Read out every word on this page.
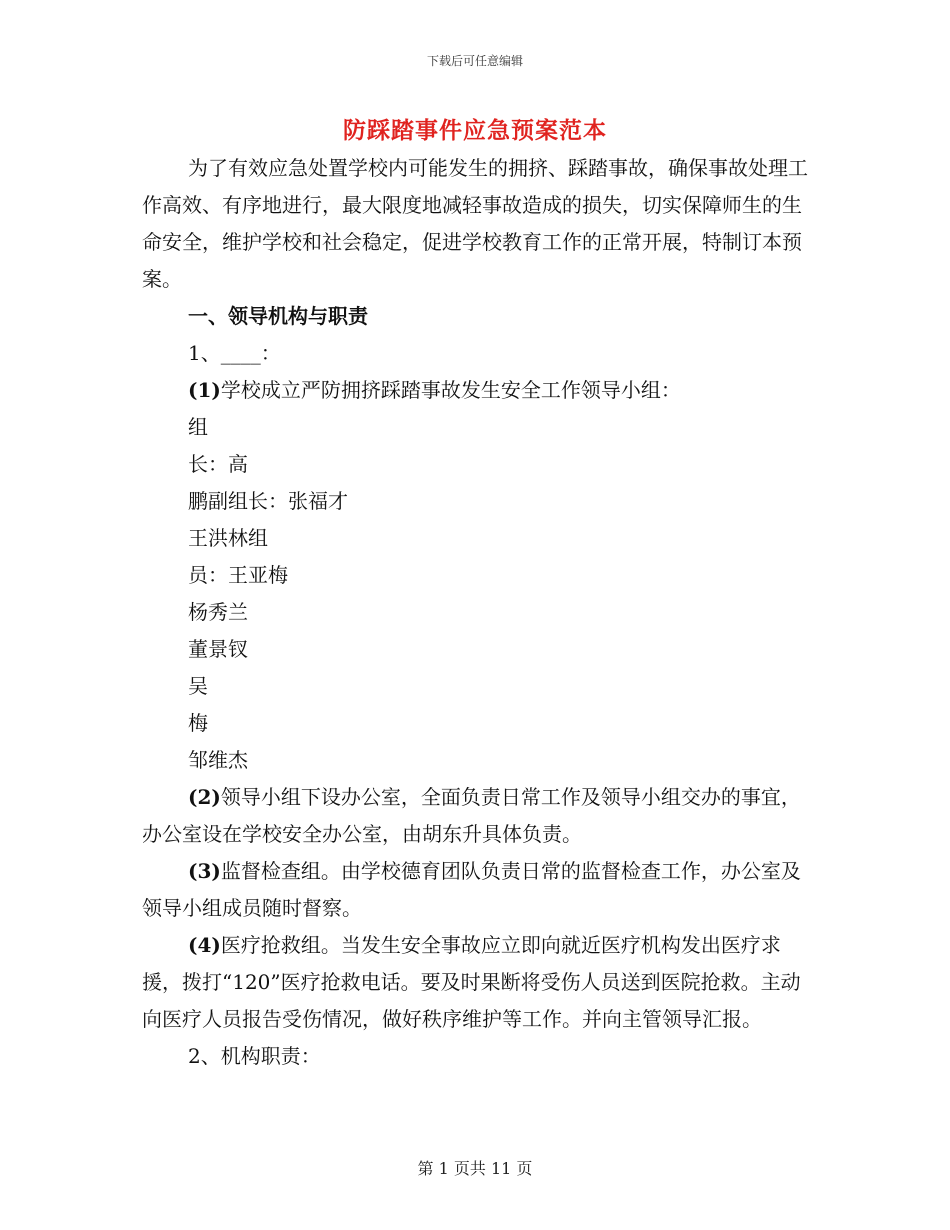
下载后可任意编辑
防踩踏事件应急预案范本

为了有效应急处置学校内可能发生的拥挤、踩踏事故，确保事故处理工作高效、有序地进行，最大限度地减轻事故造成的损失，切实保障师生的生命安全，维护学校和社会稳定，促进学校教育工作的正常开展，特制订本预案。

一、领导机构与职责

1、____：

(1)学校成立严防拥挤踩踏事故发生安全工作领导小组：

组

长：高

鹏副组长：张福才

王洪林组

员：王亚梅

杨秀兰

董景钗

吴

梅

邹维杰

(2)领导小组下设办公室，全面负责日常工作及领导小组交办的事宜，办公室设在学校安全办公室，由胡东升具体负责。

(3)监督检查组。由学校德育团队负责日常的监督检查工作，办公室及领导小组成员随时督察。

(4)医疗抢救组。当发生安全事故应立即向就近医疗机构发出医疗求援，拨打“120”医疗抢救电话。要及时果断将受伤人员送到医院抢救。主动向医疗人员报告受伤情况，做好秩序维护等工作。并向主管领导汇报。

2、机构职责：

第 1 页共 11 页
